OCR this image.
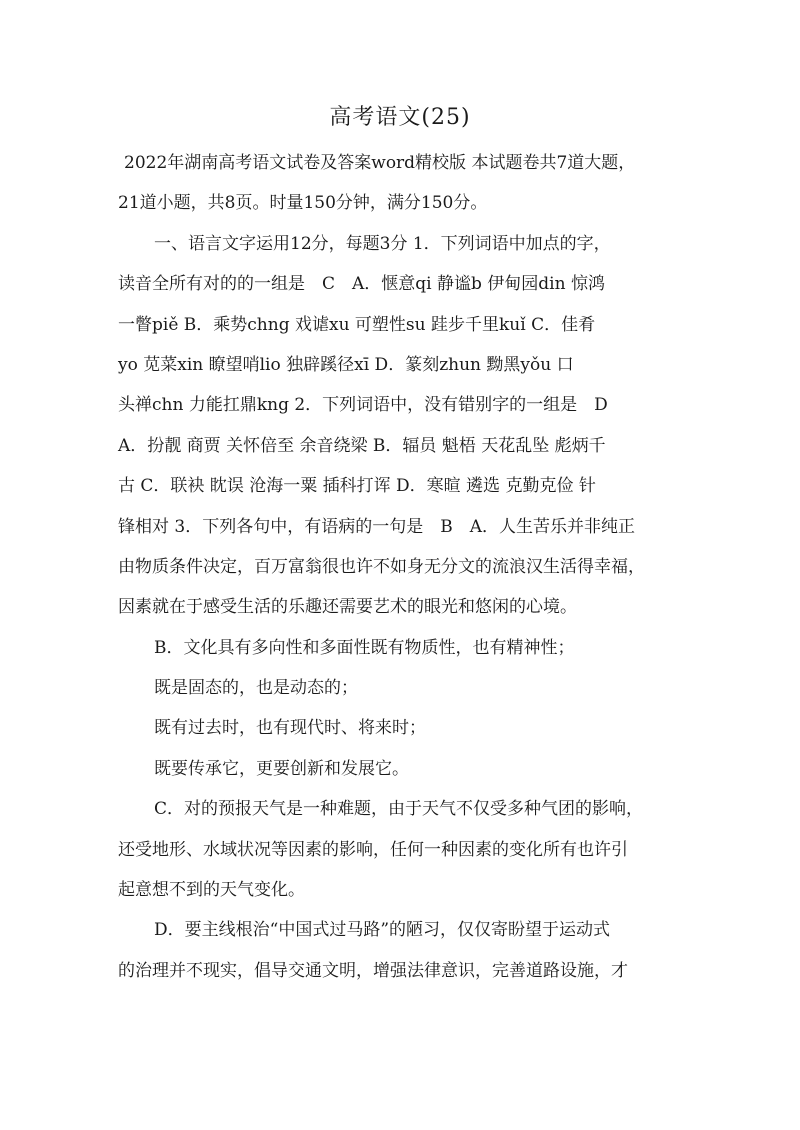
高考语文(25)
2022年湖南高考语文试卷及答案word精校版 本试题卷共7道大题，
21道小题，共8页。时量150分钟，满分150分。
一、语言文字运用12分，每题3分 1．下列词语中加点的字，
读音全所有对的的一组是　C　A．惬意qi 静谧b 伊甸园din 惊鸿
一瞥piě B．乘势chng 戏谑xu 可塑性su 跬步千里kuǐ C．佳肴
yo 苋菜xin 瞭望哨lio 独辟蹊径xī D．篆刻zhun 黝黑yǒu 口
头禅chn 力能扛鼎kng 2．下列词语中，没有错别字的一组是　D
A．扮靓 商贾 关怀倍至 余音绕梁 B．辐员 魁梧 天花乱坠 彪炳千
古 C．联袂 眈误 沧海一粟 插科打诨 D．寒暄 遴选 克勤克俭 针
锋相对 3．下列各句中，有语病的一句是　B　A．人生苦乐并非纯正
由物质条件决定，百万富翁很也许不如身无分文的流浪汉生活得幸福，
因素就在于感受生活的乐趣还需要艺术的眼光和悠闲的心境。
B．文化具有多向性和多面性既有物质性，也有精神性；
既是固态的，也是动态的；
既有过去时，也有现代时、将来时；
既要传承它，更要创新和发展它。
C．对的预报天气是一种难题，由于天气不仅受多种气团的影响，
还受地形、水域状况等因素的影响，任何一种因素的变化所有也许引
起意想不到的天气变化。
D．要主线根治“中国式过马路”的陋习，仅仅寄盼望于运动式
的治理并不现实，倡导交通文明，增强法律意识，完善道路设施，才
